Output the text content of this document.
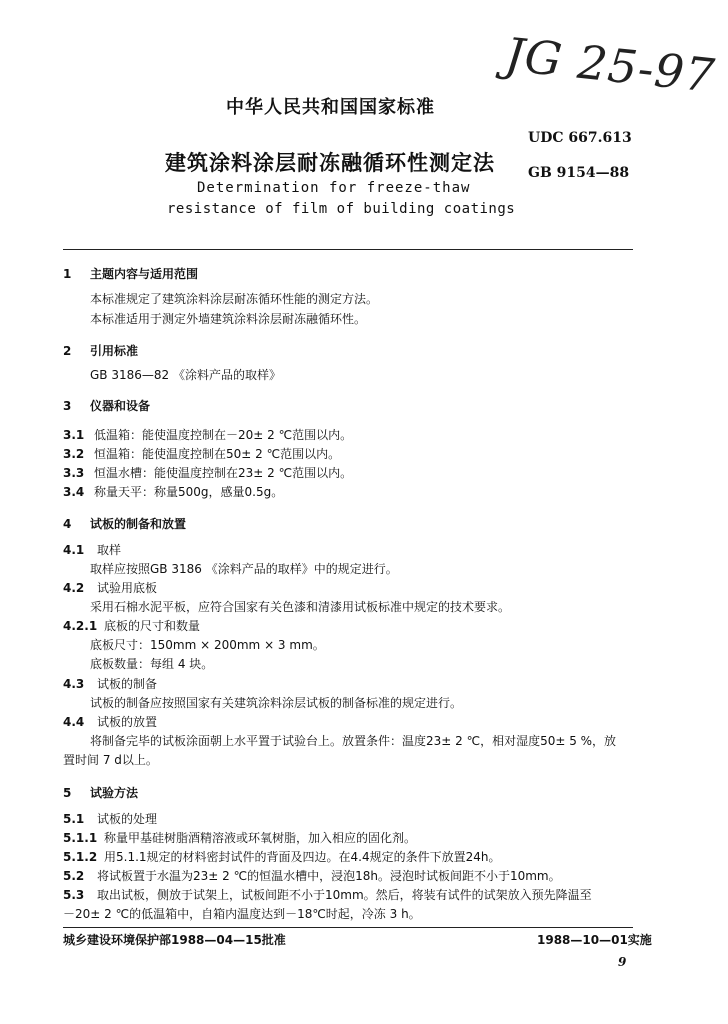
JG 25-97
中华人民共和国国家标准
UDC 667.613
GB 9154—88
建筑涂料涂层耐冻融循环性测定法
Determination for freeze-thaw
resistance of film of building coatings
1 主题内容与适用范围
本标准规定了建筑涂料涂层耐冻循环性能的测定方法。
本标准适用于测定外墙建筑涂料涂层耐冻融循环性。
2 引用标准
GB 3186—82 《涂料产品的取样》
3 仪器和设备
3.1 低温箱：能使温度控制在－20± 2 ℃范围以内。
3.2 恒温箱：能使温度控制在50± 2 ℃范围以内。
3.3 恒温水槽：能使温度控制在23± 2 ℃范围以内。
3.4 称量天平：称量500g，感量0.5g。
4 试板的制备和放置
4.1 取样
取样应按照GB 3186 《涂料产品的取样》中的规定进行。
4.2 试验用底板
采用石棉水泥平板，应符合国家有关色漆和清漆用试板标准中规定的技术要求。
4.2.1 底板的尺寸和数量
底板尺寸：150mm × 200mm × 3 mm。
底板数量：每组 4 块。
4.3 试板的制备
试板的制备应按照国家有关建筑涂料涂层试板的制备标准的规定进行。
4.4 试板的放置
将制备完毕的试板涂面朝上水平置于试验台上。放置条件：温度23± 2 ℃，相对湿度50± 5 %，放
置时间 7 d以上。
5 试验方法
5.1 试板的处理
5.1.1 称量甲基硅树脂酒精溶液或环氧树脂，加入相应的固化剂。
5.1.2 用5.1.1规定的材料密封试件的背面及四边。在4.4规定的条件下放置24h。
5.2 将试板置于水温为23± 2 ℃的恒温水槽中，浸泡18h。浸泡时试板间距不小于10mm。
5.3 取出试板，侧放于试架上，试板间距不小于10mm。然后，将装有试件的试架放入预先降温至
－20± 2 ℃的低温箱中，自箱内温度达到－18℃时起，冷冻 3 h。
城乡建设环境保护部1988—04—15批准	1988—10—01实施
9
